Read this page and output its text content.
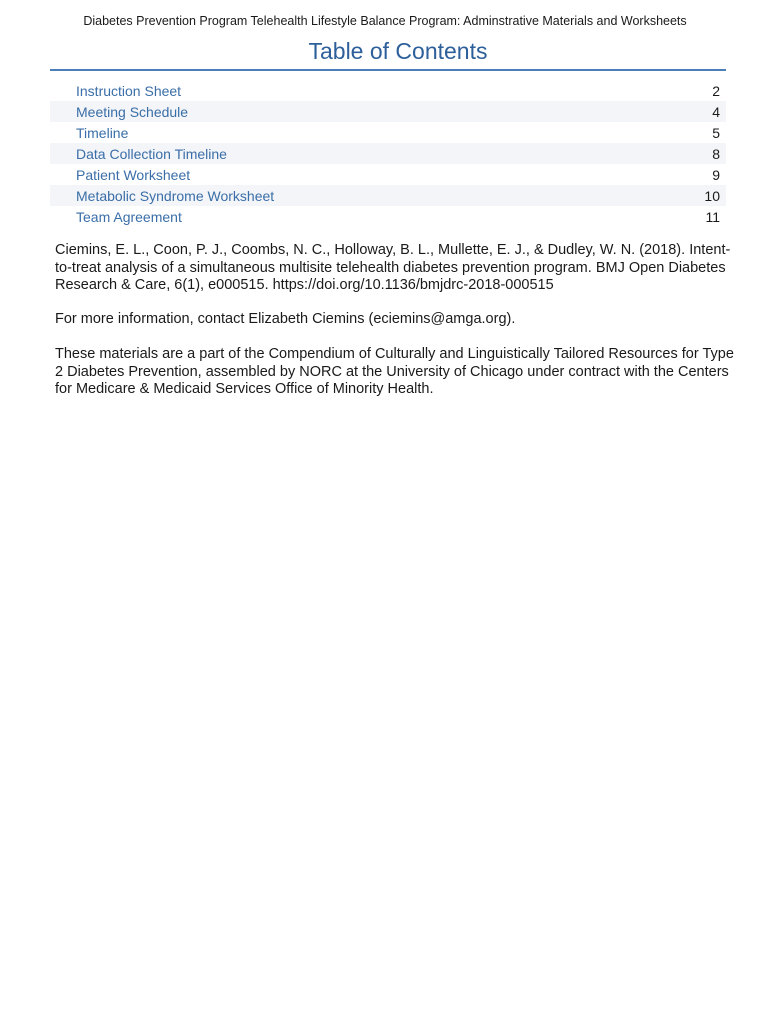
Diabetes Prevention Program Telehealth Lifestyle Balance Program: Adminstrative Materials and Worksheets
Table of Contents
Instruction Sheet	2
Meeting Schedule	4
Timeline	5
Data Collection Timeline	8
Patient Worksheet	9
Metabolic Syndrome Worksheet	10
Team Agreement	11

Ciemins, E. L., Coon, P. J., Coombs, N. C., Holloway, B. L., Mullette, E. J., & Dudley, W. N. (2018). Intent-to-treat analysis of a simultaneous multisite telehealth diabetes prevention program. BMJ Open Diabetes Research & Care, 6(1), e000515. https://doi.org/10.1136/bmjdrc-2018-000515

For more information, contact Elizabeth Ciemins (eciemins@amga.org).

These materials are a part of the Compendium of Culturally and Linguistically Tailored Resources for Type 2 Diabetes Prevention, assembled by NORC at the University of Chicago under contract with the Centers for Medicare & Medicaid Services Office of Minority Health.
